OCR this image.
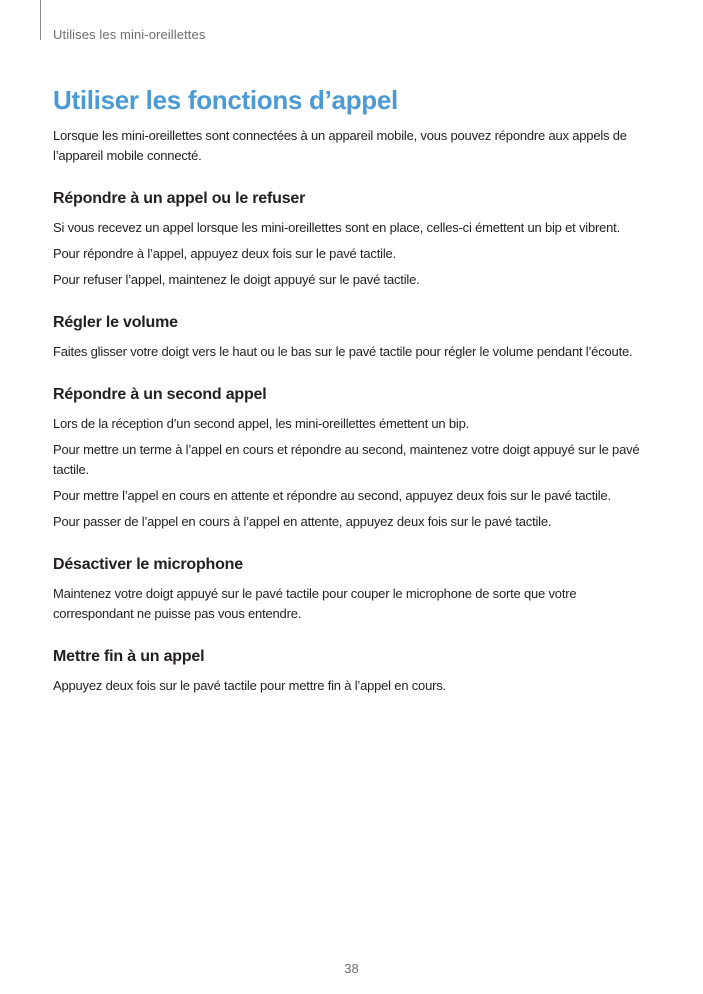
Utilises les mini-oreillettes
Utiliser les fonctions d’appel

Lorsque les mini-oreillettes sont connectées à un appareil mobile, vous pouvez répondre aux appels de l’appareil mobile connecté.

Répondre à un appel ou le refuser

Si vous recevez un appel lorsque les mini-oreillettes sont en place, celles-ci émettent un bip et vibrent.

Pour répondre à l’appel, appuyez deux fois sur le pavé tactile.

Pour refuser l’appel, maintenez le doigt appuyé sur le pavé tactile.

Régler le volume

Faites glisser votre doigt vers le haut ou le bas sur le pavé tactile pour régler le volume pendant l’écoute.

Répondre à un second appel

Lors de la réception d’un second appel, les mini-oreillettes émettent un bip.

Pour mettre un terme à l’appel en cours et répondre au second, maintenez votre doigt appuyé sur le pavé tactile.

Pour mettre l’appel en cours en attente et répondre au second, appuyez deux fois sur le pavé tactile.

Pour passer de l’appel en cours à l’appel en attente, appuyez deux fois sur le pavé tactile.

Désactiver le microphone

Maintenez votre doigt appuyé sur le pavé tactile pour couper le microphone de sorte que votre correspondant ne puisse pas vous entendre.

Mettre fin à un appel

Appuyez deux fois sur le pavé tactile pour mettre fin à l’appel en cours.

38
